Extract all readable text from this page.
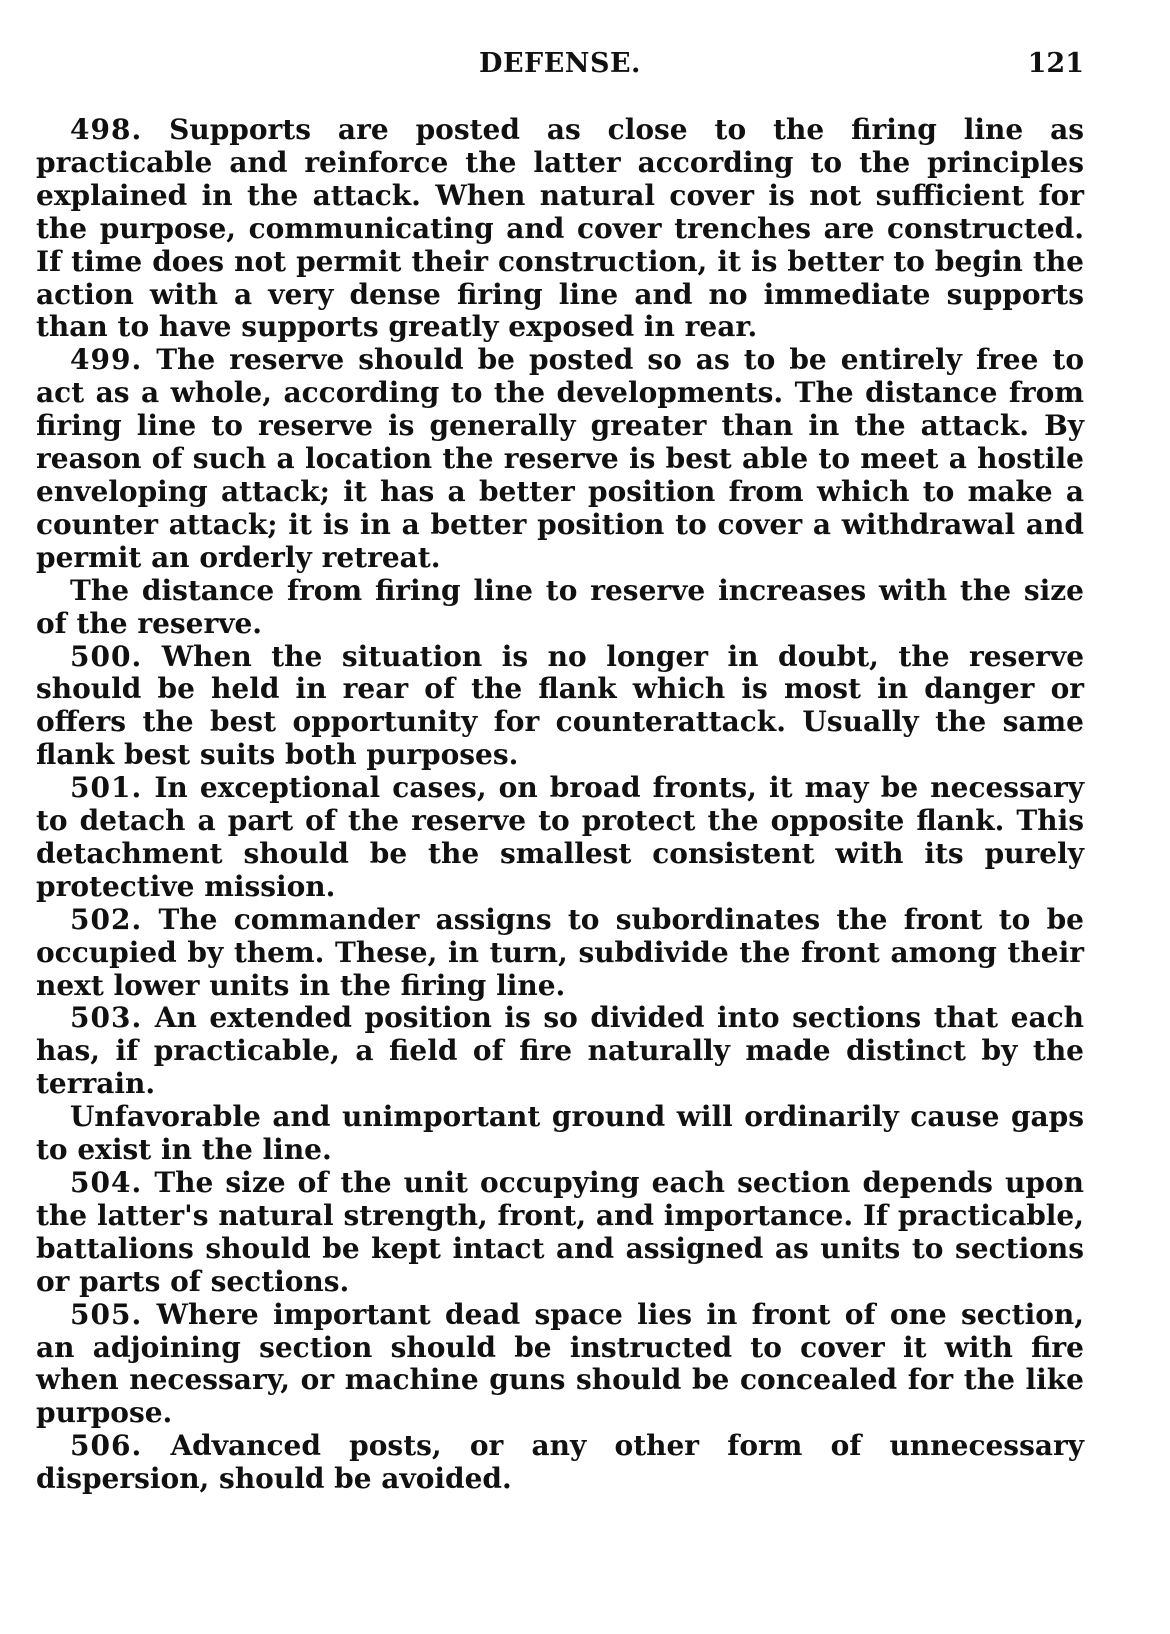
DEFENSE.	121

498. Supports are posted as close to the firing line as practicable and reinforce the latter according to the principles explained in the attack. When natural cover is not sufficient for the purpose, communicating and cover trenches are constructed. If time does not permit their construction, it is better to begin the action with a very dense firing line and no immediate supports than to have supports greatly exposed in rear.

499. The reserve should be posted so as to be entirely free to act as a whole, according to the developments. The distance from firing line to reserve is generally greater than in the attack. By reason of such a location the reserve is best able to meet a hostile enveloping attack; it has a better position from which to make a counter attack; it is in a better position to cover a withdrawal and permit an orderly retreat.

The distance from firing line to reserve increases with the size of the reserve.

500. When the situation is no longer in doubt, the reserve should be held in rear of the flank which is most in danger or offers the best opportunity for counterattack. Usually the same flank best suits both purposes.

501. In exceptional cases, on broad fronts, it may be necessary to detach a part of the reserve to protect the opposite flank. This detachment should be the smallest consistent with its purely protective mission.

502. The commander assigns to subordinates the front to be occupied by them. These, in turn, subdivide the front among their next lower units in the firing line.

503. An extended position is so divided into sections that each has, if practicable, a field of fire naturally made distinct by the terrain.

Unfavorable and unimportant ground will ordinarily cause gaps to exist in the line.

504. The size of the unit occupying each section depends upon the latter's natural strength, front, and importance. If practicable, battalions should be kept intact and assigned as units to sections or parts of sections.

505. Where important dead space lies in front of one section, an adjoining section should be instructed to cover it with fire when necessary, or machine guns should be concealed for the like purpose.

506. Advanced posts, or any other form of unnecessary dispersion, should be avoided.
